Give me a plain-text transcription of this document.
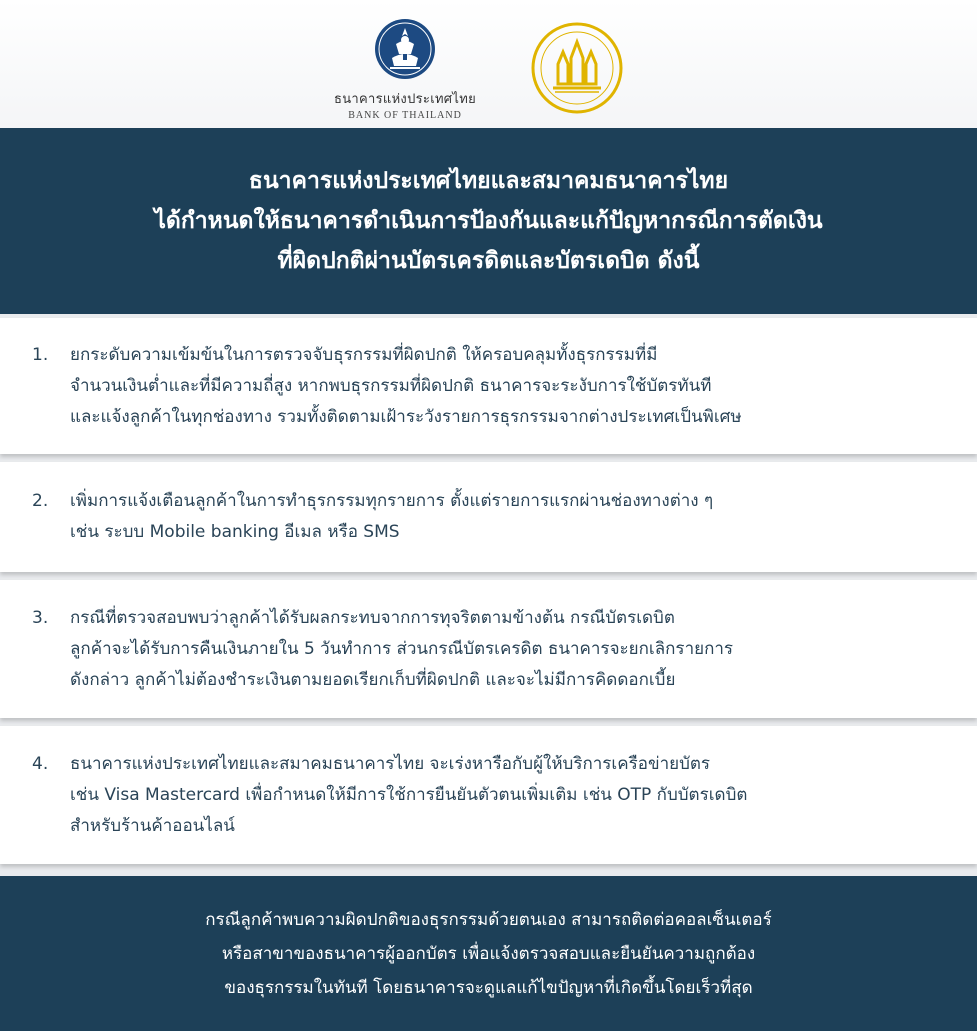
ธนาคารแห่งประเทศไทย
BANK OF THAILAND
ธนาคารแห่งประเทศไทยและสมาคมธนาคารไทย
ได้กำหนดให้ธนาคารดำเนินการป้องกันและแก้ปัญหากรณีการตัดเงิน
ที่ผิดปกติผ่านบัตรเครดิตและบัตรเดบิต ดังนี้
1.	ยกระดับความเข้มข้นในการตรวจจับธุรกรรมที่ผิดปกติ ให้ครอบคลุมทั้งธุรกรรมที่มี
จำนวนเงินต่ำและที่มีความถี่สูง หากพบธุรกรรมที่ผิดปกติ ธนาคารจะระงับการใช้บัตรทันที
และแจ้งลูกค้าในทุกช่องทาง รวมทั้งติดตามเฝ้าระวังรายการธุรกรรมจากต่างประเทศเป็นพิเศษ
2.	เพิ่มการแจ้งเตือนลูกค้าในการทำธุรกรรมทุกรายการ ตั้งแต่รายการแรกผ่านช่องทางต่าง ๆ
เช่น ระบบ Mobile banking อีเมล หรือ SMS
3.	กรณีที่ตรวจสอบพบว่าลูกค้าได้รับผลกระทบจากการทุจริตตามข้างต้น กรณีบัตรเดบิต
ลูกค้าจะได้รับการคืนเงินภายใน 5 วันทำการ ส่วนกรณีบัตรเครดิต ธนาคารจะยกเลิกรายการ
ดังกล่าว ลูกค้าไม่ต้องชำระเงินตามยอดเรียกเก็บที่ผิดปกติ และจะไม่มีการคิดดอกเบี้ย
4.	ธนาคารแห่งประเทศไทยและสมาคมธนาคารไทย จะเร่งหารือกับผู้ให้บริการเครือข่ายบัตร
เช่น Visa Mastercard เพื่อกำหนดให้มีการใช้การยืนยันตัวตนเพิ่มเติม เช่น OTP กับบัตรเดบิต
สำหรับร้านค้าออนไลน์
กรณีลูกค้าพบความผิดปกติของธุรกรรมด้วยตนเอง สามารถติดต่อคอลเซ็นเตอร์
หรือสาขาของธนาคารผู้ออกบัตร เพื่อแจ้งตรวจสอบและยืนยันความถูกต้อง
ของธุรกรรมในทันที โดยธนาคารจะดูแลแก้ไขปัญหาที่เกิดขึ้นโดยเร็วที่สุด
